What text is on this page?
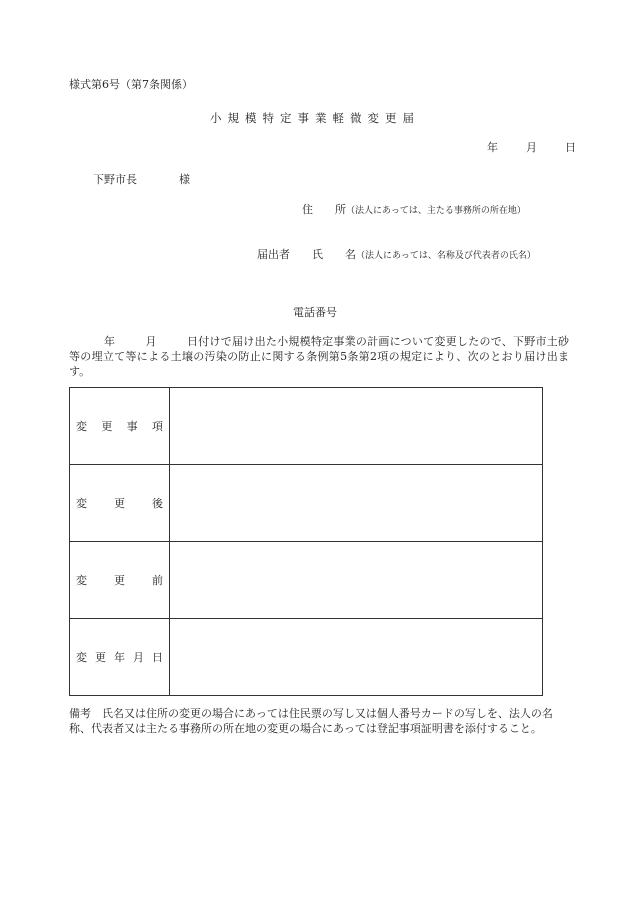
様式第6号（第7条関係）
小規模特定事業軽微変更届
年	月	日
下野市長	様
住　　所（法人にあっては、主たる事務所の所在地）
届出者 氏　　名（法人にあっては、名称及び代表者の氏名）
電話番号
年	月	日付けで届け出た小規模特定事業の計画について変更したので、下野市土砂等の埋立て等による土壌の汚染の防止に関する条例第5条第2項の規定により、次のとおり届け出ます。
変 更 事 項	

変 更 後	

変 更 前	

変 更 年 月 日	

備考　 氏名又は住所の変更の場合にあっては住民票の写し又は個人番号カードの写しを、法人の名称、代表者又は主たる事務所の所在地の変更の場合にあっては登記事項証明書を添付すること。
